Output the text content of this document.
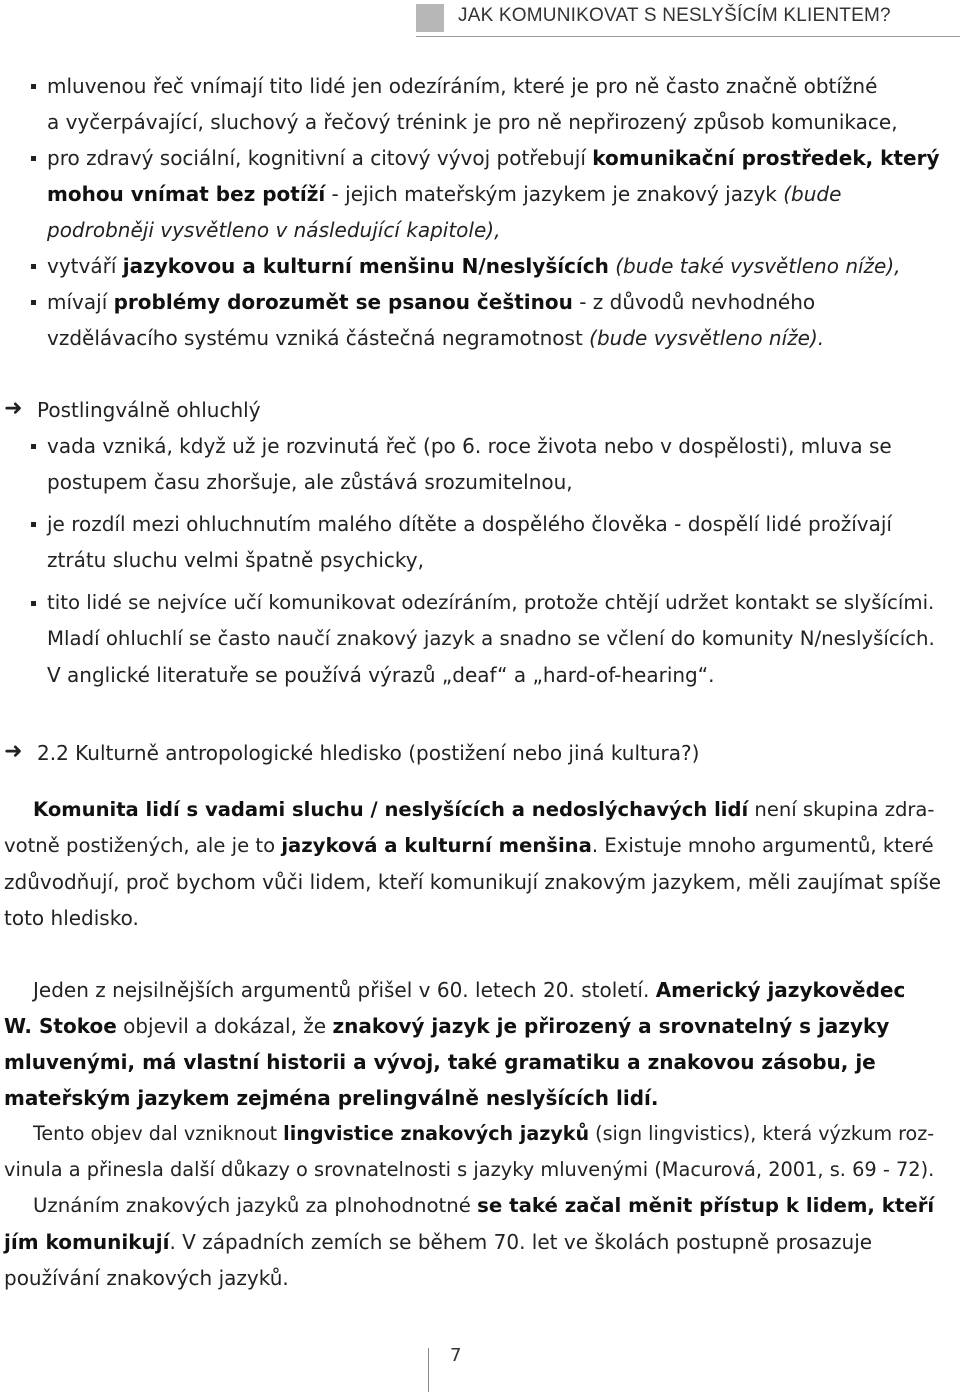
JAK KOMUNIKOVAT S NESLYŠÍCÍM KLIENTEM?
mluvenou řeč vnímají tito lidé jen odezíráním, které je pro ně často značně obtížné
a vyčerpávající, sluchový a řečový trénink je pro ně nepřirozený způsob komunikace,
pro zdravý sociální, kognitivní a citový vývoj potřebují komunikační prostředek, který
mohou vnímat bez potíží - jejich mateřským jazykem je znakový jazyk (bude
podrobněji vysvětleno v následující kapitole),
vytváří jazykovou a kulturní menšinu N/neslyšících (bude také vysvětleno níže),
mívají problémy dorozumět se psanou češtinou - z důvodů nevhodného
vzdělávacího systému vzniká částečná negramotnost (bude vysvětleno níže).
➜ Postlingválně ohluchlý
vada vzniká, když už je rozvinutá řeč (po 6. roce života nebo v dospělosti), mluva se
postupem času zhoršuje, ale zůstává srozumitelnou,
je rozdíl mezi ohluchnutím malého dítěte a dospělého člověka - dospělí lidé prožívají
ztrátu sluchu velmi špatně psychicky,
tito lidé se nejvíce učí komunikovat odezíráním, protože chtějí udržet kontakt se slyšícími.
Mladí ohluchlí se často naučí znakový jazyk a snadno se včlení do komunity N/neslyšících.
V anglické literatuře se používá výrazů „deaf“ a „hard-of-hearing“.
➜ 2.2 Kulturně antropologické hledisko (postižení nebo jiná kultura?)
Komunita lidí s vadami sluchu / neslyšících a nedoslýchavých lidí není skupina zdra-
votně postižených, ale je to jazyková a kulturní menšina. Existuje mnoho argumentů, které
zdůvodňují, proč bychom vůči lidem, kteří komunikují znakovým jazykem, měli zaujímat spíše
toto hledisko.
Jeden z nejsilnějších argumentů přišel v 60. letech 20. století. Americký jazykovědec
W. Stokoe objevil a dokázal, že znakový jazyk je přirozený a srovnatelný s jazyky
mluvenými, má vlastní historii a vývoj, také gramatiku a znakovou zásobu, je
mateřským jazykem zejména prelingválně neslyšících lidí.
Tento objev dal vzniknout lingvistice znakových jazyků (sign lingvistics), která výzkum roz-
vinula a přinesla další důkazy o srovnatelnosti s jazyky mluvenými (Macurová, 2001, s. 69 - 72).
Uznáním znakových jazyků za plnohodnotné se také začal měnit přístup k lidem, kteří
jím komunikují. V západních zemích se během 70. let ve školách postupně prosazuje
používání znakových jazyků.
7
